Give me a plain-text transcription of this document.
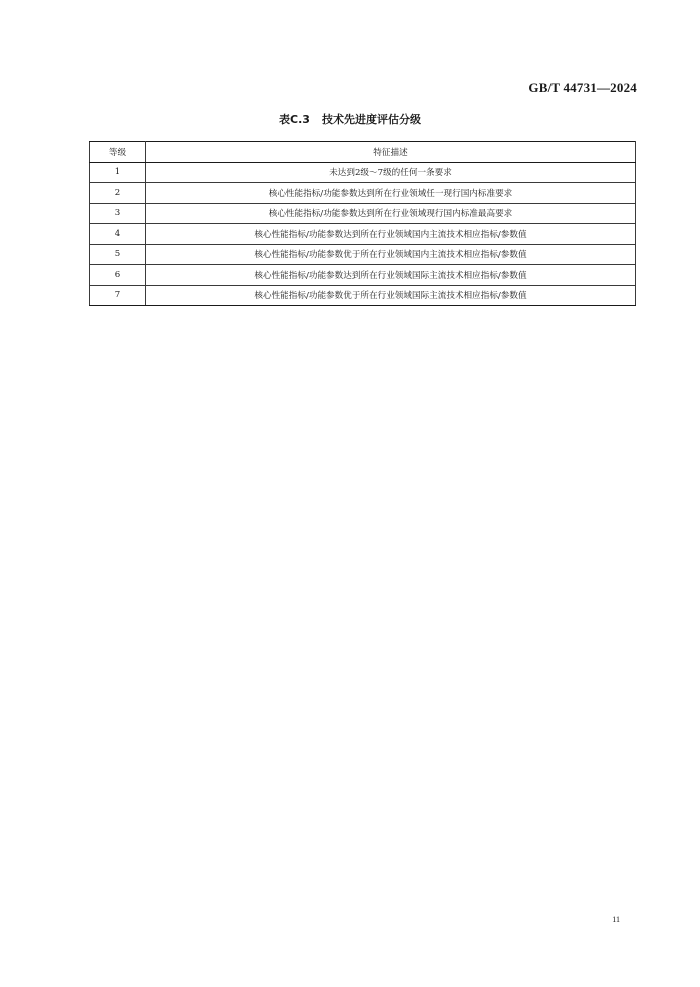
GB/T 44731—2024
表C.3 技术先进度评估分级
等级	特征描述
1	未达到2级～7级的任何一条要求
2	核心性能指标/功能参数达到所在行业领域任一现行国内标准要求
3	核心性能指标/功能参数达到所在行业领域现行国内标准最高要求
4	核心性能指标/功能参数达到所在行业领域国内主流技术相应指标/参数值
5	核心性能指标/功能参数优于所在行业领域国内主流技术相应指标/参数值
6	核心性能指标/功能参数达到所在行业领域国际主流技术相应指标/参数值
7	核心性能指标/功能参数优于所在行业领域国际主流技术相应指标/参数值
11
